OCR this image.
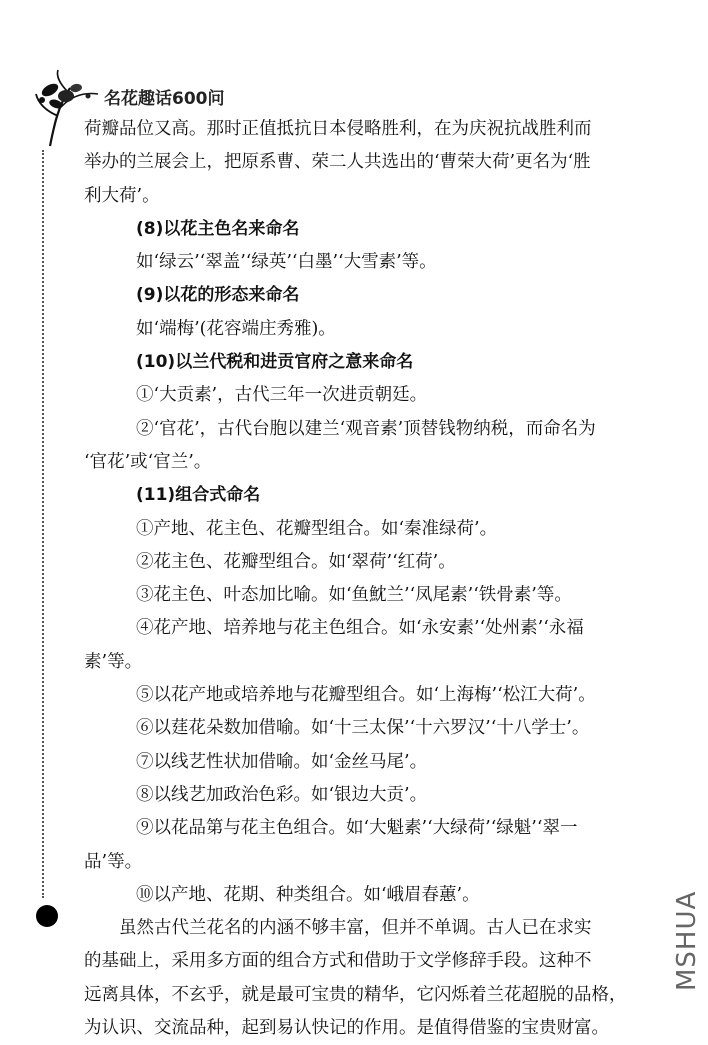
名花趣话600问
荷瓣品位又高。那时正值抵抗日本侵略胜利，在为庆祝抗战胜利而
举办的兰展会上，把原系曹、荣二人共选出的‘曹荣大荷’更名为‘胜
利大荷’。
(8)以花主色名来命名
如‘绿云’‘翠盖’‘绿英’‘白墨’‘大雪素’等。
(9)以花的形态来命名
如‘端梅’(花容端庄秀雅)。
(10)以兰代税和进贡官府之意来命名
①‘大贡素’，古代三年一次进贡朝廷。
②‘官花’，古代台胞以建兰‘观音素’顶替钱物纳税，而命名为
‘官花’或‘官兰’。
(11)组合式命名
①产地、花主色、花瓣型组合。如‘秦准绿荷’。
②花主色、花瓣型组合。如‘翠荷’‘红荷’。
③花主色、叶态加比喻。如‘鱼魫兰’‘凤尾素’‘铁骨素’等。
④花产地、培养地与花主色组合。如‘永安素’‘处州素’‘永福
素’等。
⑤以花产地或培养地与花瓣型组合。如‘上海梅’‘松江大荷’。
⑥以莛花朵数加借喻。如‘十三太保’‘十六罗汉’‘十八学士’。
⑦以线艺性状加借喻。如‘金丝马尾’。
⑧以线艺加政治色彩。如‘银边大贡’。
⑨以花品第与花主色组合。如‘大魁素’‘大绿荷’‘绿魁’‘翠一
品’等。
⑩以产地、花期、种类组合。如‘峨眉春蕙’。
虽然古代兰花名的内涵不够丰富，但并不单调。古人已在求实
的基础上，采用多方面的组合方式和借助于文学修辞手段。这种不
远离具体，不玄乎，就是最可宝贵的精华，它闪烁着兰花超脱的品格，
为认识、交流品种，起到易认快记的作用。是值得借鉴的宝贵财富。
MSHUA
